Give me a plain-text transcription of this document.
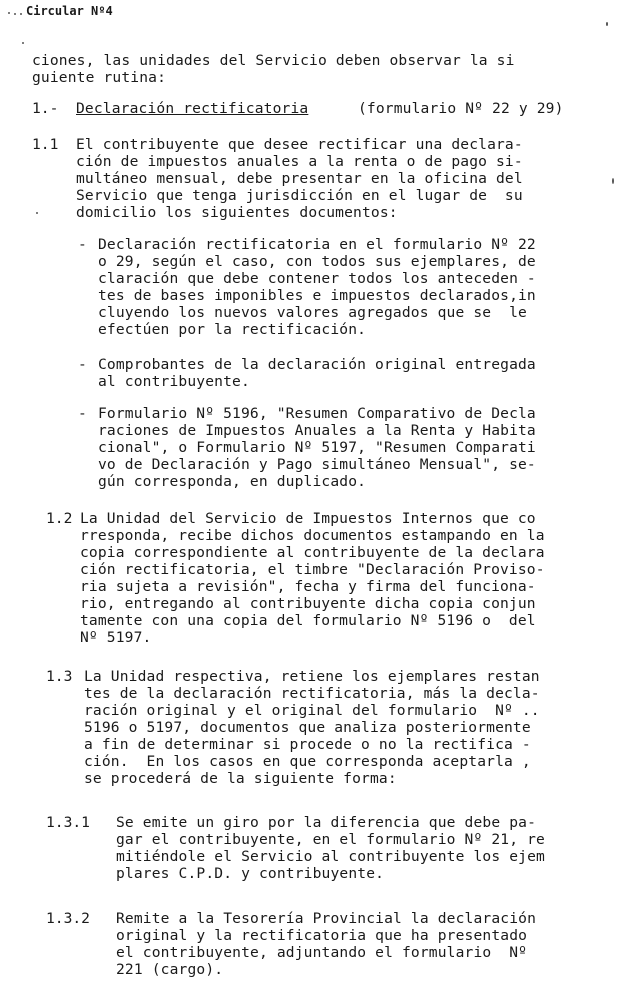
Circular Nº4
ciones, las unidades del Servicio deben observar la si
guiente rutina:
1.- Declaración rectificatoria	(formulario Nº 22 y 29)
1.1 El contribuyente que desee rectificar una declara-
ción de impuestos anuales a la renta o de pago si-
multáneo mensual, debe presentar en la oficina del
Servicio que tenga jurisdicción en el lugar de  su
domicilio los siguientes documentos:
- Declaración rectificatoria en el formulario Nº 22
o 29, según el caso, con todos sus ejemplares, de
claración que debe contener todos los anteceden -
tes de bases imponibles e impuestos declarados,in
cluyendo los nuevos valores agregados que se  le
efectúen por la rectificación.
- Comprobantes de la declaración original entregada
al contribuyente.
- Formulario Nº 5196, "Resumen Comparativo de Decla
raciones de Impuestos Anuales a la Renta y Habita
cional", o Formulario Nº 5197, "Resumen Comparati
vo de Declaración y Pago simultáneo Mensual", se-
gún corresponda, en duplicado.
1.2 La Unidad del Servicio de Impuestos Internos que co
rresponda, recibe dichos documentos estampando en la
copia correspondiente al contribuyente de la declara
ción rectificatoria, el timbre "Declaración Proviso-
ria sujeta a revisión", fecha y firma del funciona-
rio, entregando al contribuyente dicha copia conjun
tamente con una copia del formulario Nº 5196 o  del
Nº 5197.
1.3 La Unidad respectiva, retiene los ejemplares restan
tes de la declaración rectificatoria, más la decla-
ración original y el original del formulario  Nº ..
5196 o 5197, documentos que analiza posteriormente
a fin de determinar si procede o no la rectifica -
ción.  En los casos en que corresponda aceptarla ,
se procederá de la siguiente forma:
1.3.1 Se emite un giro por la diferencia que debe pa-
gar el contribuyente, en el formulario Nº 21, re
mitiéndole el Servicio al contribuyente los ejem
plares C.P.D. y contribuyente.
1.3.2 Remite a la Tesorería Provincial la declaración
original y la rectificatoria que ha presentado
el contribuyente, adjuntando el formulario  Nº
221 (cargo).
